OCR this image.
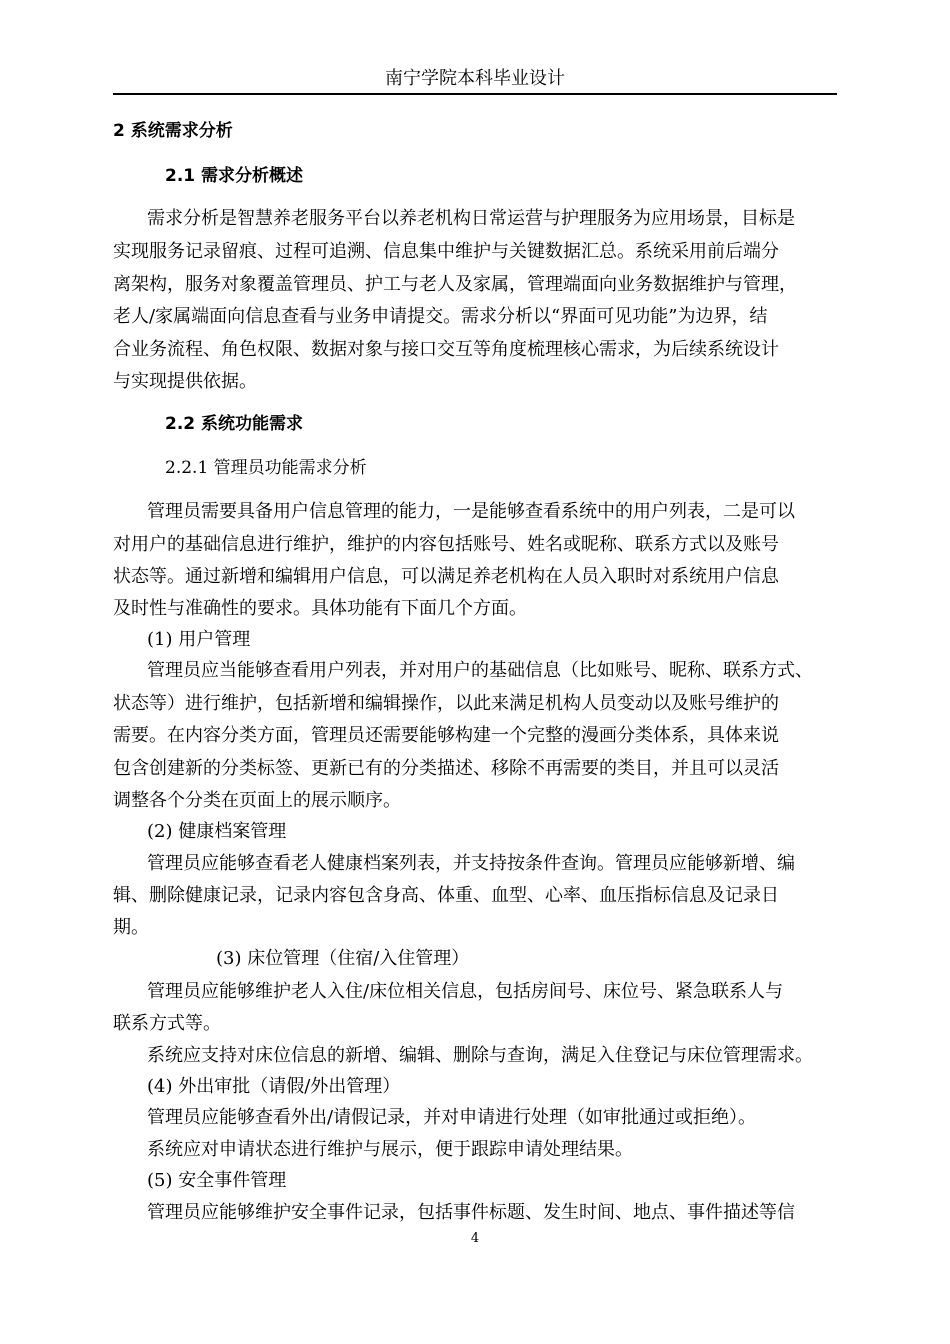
南宁学院本科毕业设计
2 系统需求分析
2.1 需求分析概述
需求分析是智慧养老服务平台以养老机构日常运营与护理服务为应用场景，目标是
实现服务记录留痕、过程可追溯、信息集中维护与关键数据汇总。系统采用前后端分
离架构，服务对象覆盖管理员、护工与老人及家属，管理端面向业务数据维护与管理，
老人/家属端面向信息查看与业务申请提交。需求分析以“界面可见功能”为边界，结
合业务流程、角色权限、数据对象与接口交互等角度梳理核心需求，为后续系统设计
与实现提供依据。
2.2 系统功能需求
2.2.1 管理员功能需求分析
管理员需要具备用户信息管理的能力，一是能够查看系统中的用户列表，二是可以
对用户的基础信息进行维护，维护的内容包括账号、姓名或昵称、联系方式以及账号
状态等。通过新增和编辑用户信息，可以满足养老机构在人员入职时对系统用户信息
及时性与准确性的要求。具体功能有下面几个方面。
(1) 用户管理
管理员应当能够查看用户列表，并对用户的基础信息（比如账号、昵称、联系方式、
状态等）进行维护，包括新增和编辑操作，以此来满足机构人员变动以及账号维护的
需要。在内容分类方面，管理员还需要能够构建一个完整的漫画分类体系，具体来说
包含创建新的分类标签、更新已有的分类描述、移除不再需要的类目，并且可以灵活
调整各个分类在页面上的展示顺序。
(2) 健康档案管理
管理员应能够查看老人健康档案列表，并支持按条件查询。管理员应能够新增、编
辑、删除健康记录，记录内容包含身高、体重、血型、心率、血压指标信息及记录日
期。
(3) 床位管理（住宿/入住管理）
管理员应能够维护老人入住/床位相关信息，包括房间号、床位号、紧急联系人与
联系方式等。
系统应支持对床位信息的新增、编辑、删除与查询，满足入住登记与床位管理需求。
(4) 外出审批（请假/外出管理）
管理员应能够查看外出/请假记录，并对申请进行处理（如审批通过或拒绝）。
系统应对申请状态进行维护与展示，便于跟踪申请处理结果。
(5) 安全事件管理
管理员应能够维护安全事件记录，包括事件标题、发生时间、地点、事件描述等信
4
